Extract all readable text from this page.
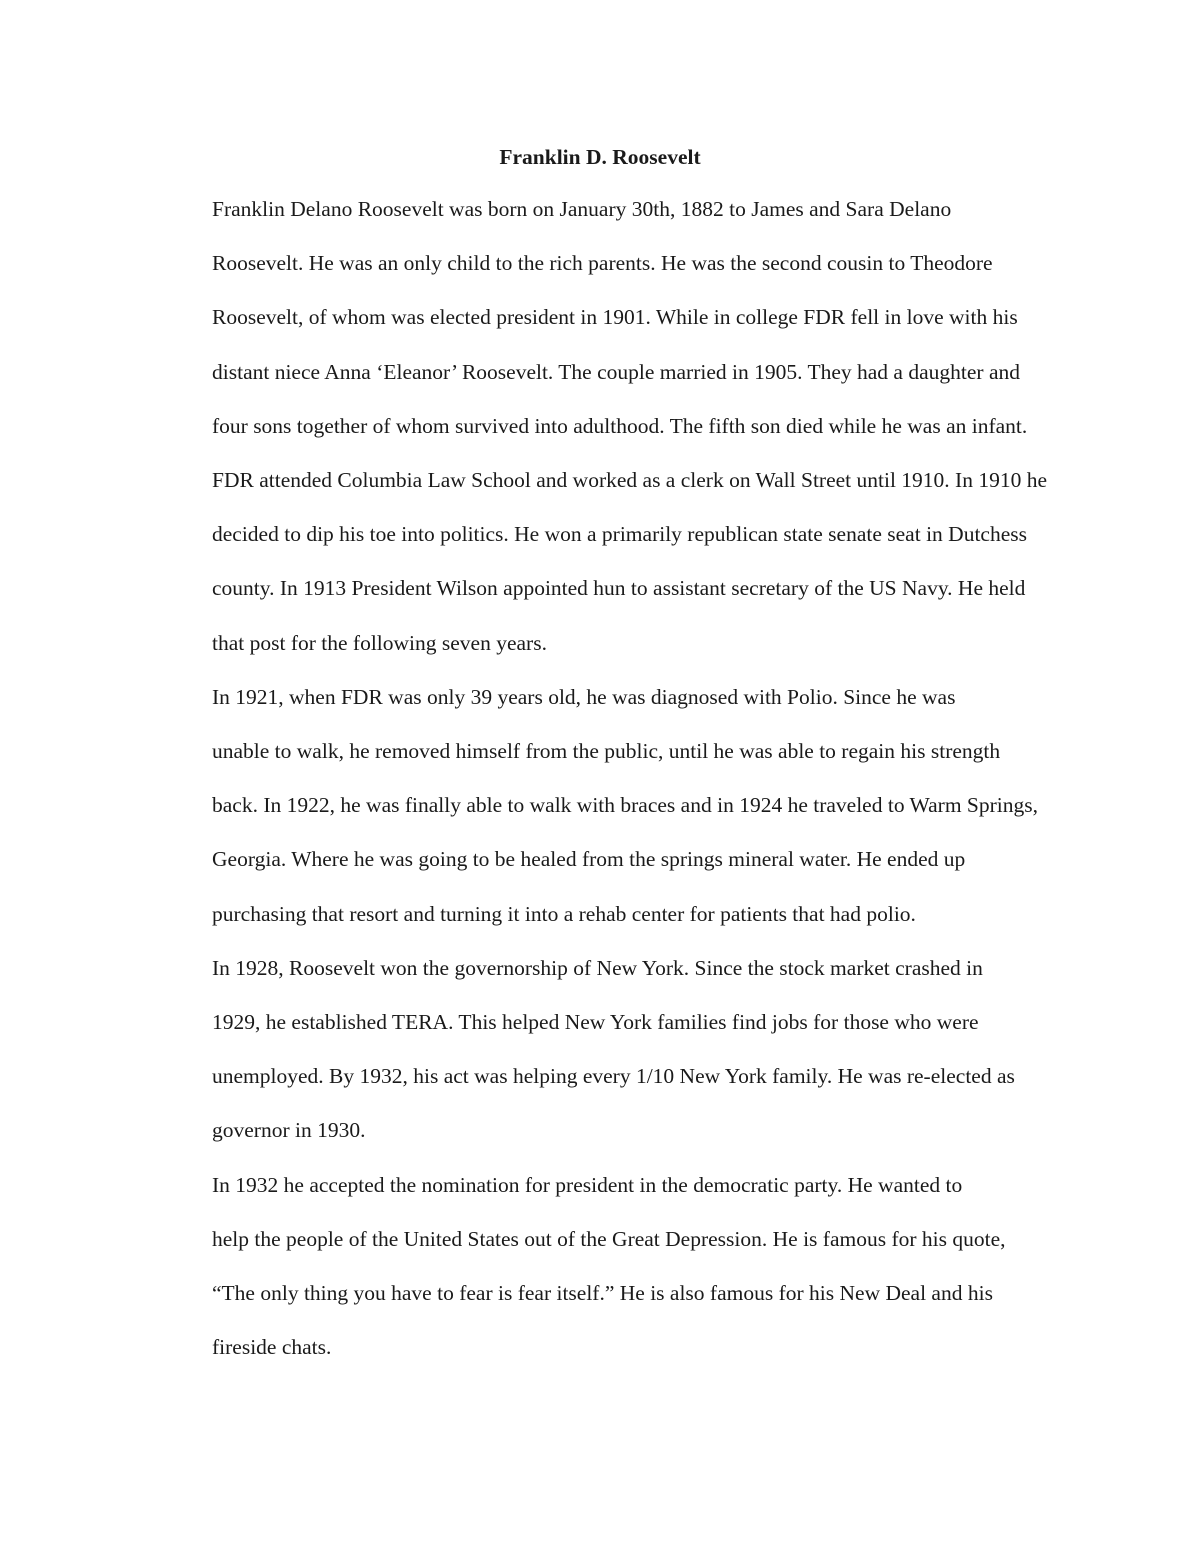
Franklin D. Roosevelt

Franklin Delano Roosevelt was born on January 30th, 1882 to James and Sara Delano
Roosevelt. He was an only child to the rich parents. He was the second cousin to Theodore
Roosevelt, of whom was elected president in 1901. While in college FDR fell in love with his
distant niece Anna ‘Eleanor’ Roosevelt. The couple married in 1905. They had a daughter and
four sons together of whom survived into adulthood. The fifth son died while he was an infant.
FDR attended Columbia Law School and worked as a clerk on Wall Street until 1910. In 1910 he
decided to dip his toe into politics. He won a primarily republican state senate seat in Dutchess
county. In 1913 President Wilson appointed hun to assistant secretary of the US Navy. He held
that post for the following seven years.

In 1921, when FDR was only 39 years old, he was diagnosed with Polio. Since he was
unable to walk, he removed himself from the public, until he was able to regain his strength
back. In 1922, he was finally able to walk with braces and in 1924 he traveled to Warm Springs,
Georgia. Where he was going to be healed from the springs mineral water. He ended up
purchasing that resort and turning it into a rehab center for patients that had polio.

In 1928, Roosevelt won the governorship of New York. Since the stock market crashed in
1929, he established TERA. This helped New York families find jobs for those who were
unemployed. By 1932, his act was helping every 1/10 New York family. He was re-elected as
governor in 1930.

In 1932 he accepted the nomination for president in the democratic party. He wanted to
help the people of the United States out of the Great Depression. He is famous for his quote,
“The only thing you have to fear is fear itself.” He is also famous for his New Deal and his
fireside chats.
